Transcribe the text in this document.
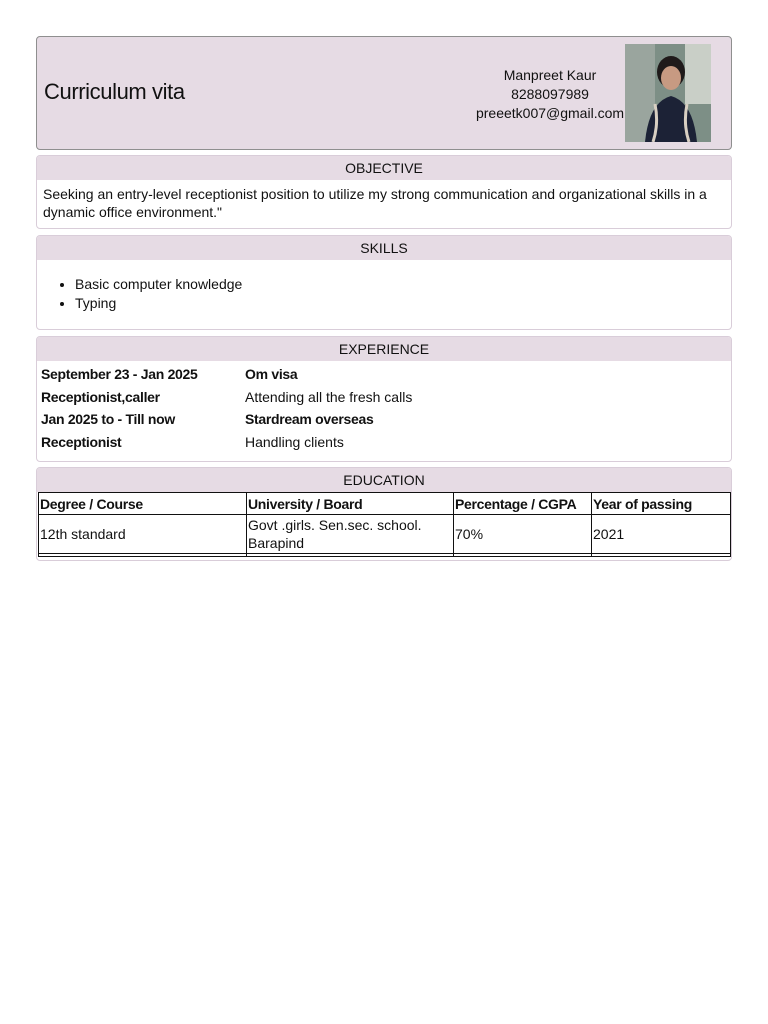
Curriculum vita
Manpreet Kaur
8288097989
preeetk007@gmail.com
OBJECTIVE
Seeking an entry-level receptionist position to utilize my strong communication and organizational skills in a dynamic office environment."
SKILLS
• Basic computer knowledge
• Typing
EXPERIENCE
September 23 - Jan 2025	Om visa
Receptionist,caller	Attending all the fresh calls
Jan 2025 to - Till now	Stardream overseas
Receptionist	Handling clients
EDUCATION
Degree / Course	University / Board	Percentage / CGPA	Year of passing
12th standard	Govt .girls. Sen.sec. school. Barapind	70%	2021
